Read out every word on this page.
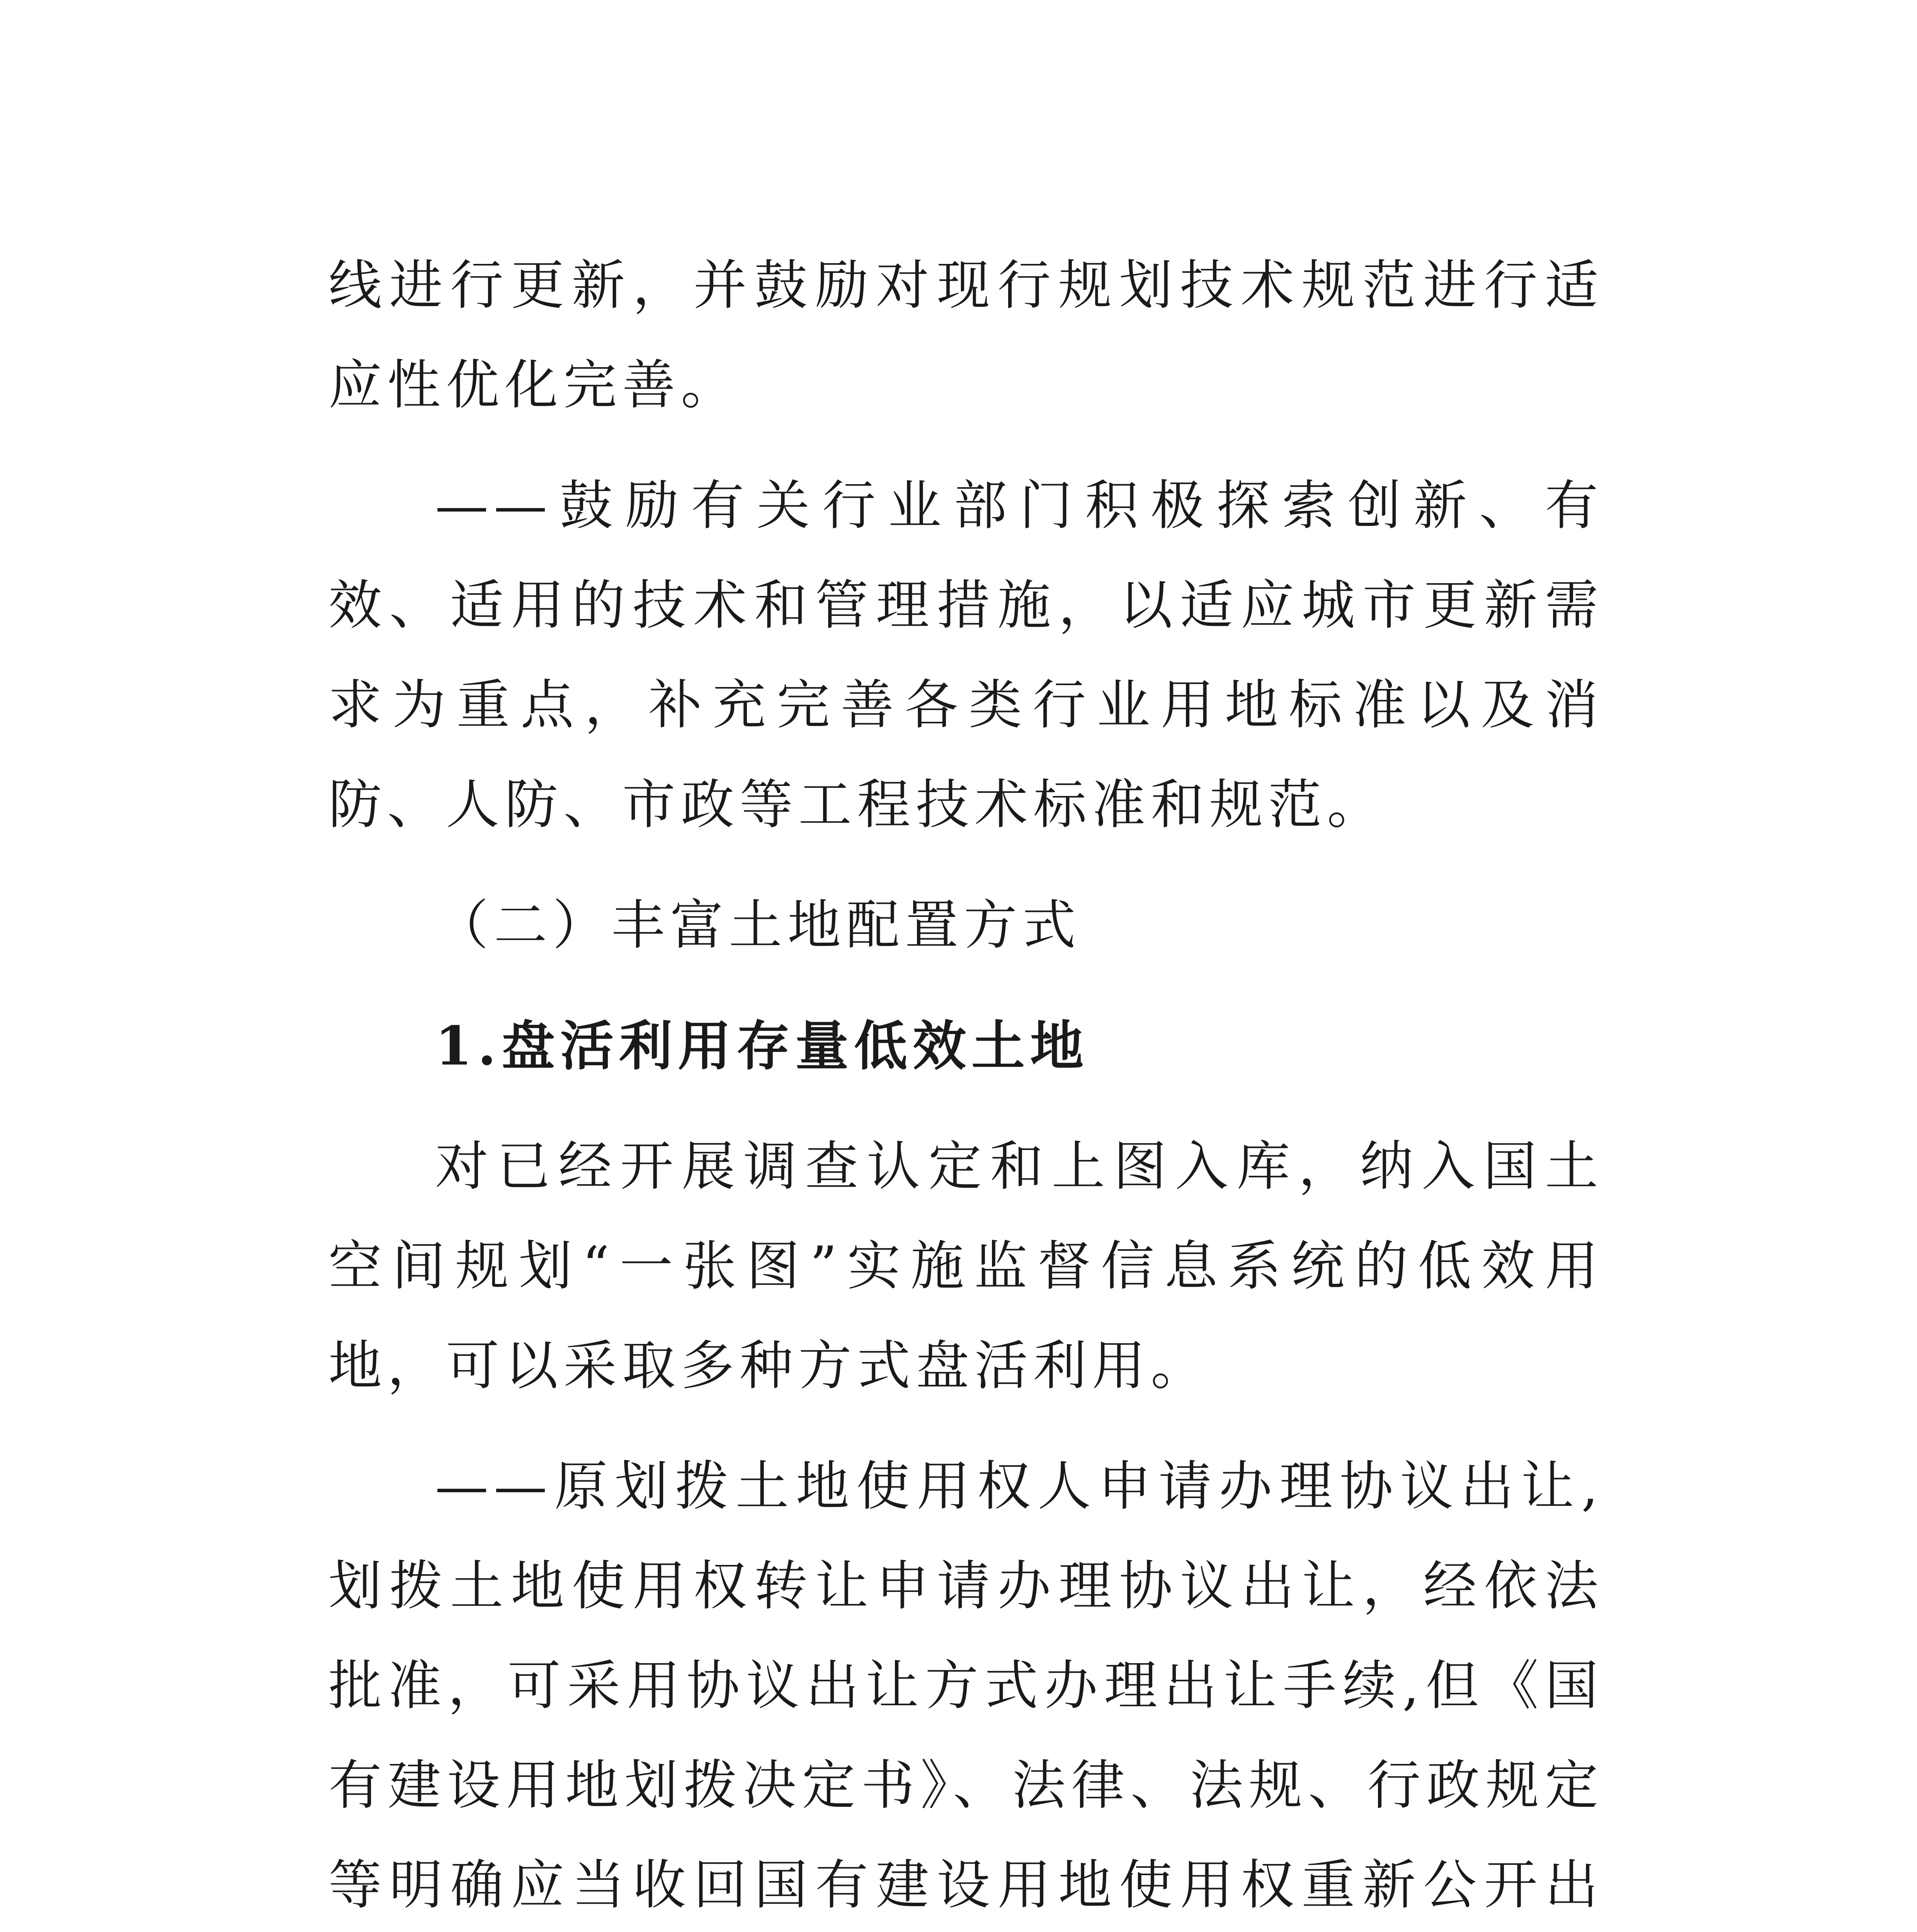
线进行更新，并鼓励对现行规划技术规范进行适应性优化完善。

——鼓励有关行业部门积极探索创新、有效、适用的技术和管理措施，以适应城市更新需求为重点，补充完善各类行业用地标准以及消防、人防、市政等工程技术标准和规范。

（二）丰富土地配置方式

1.盘活利用存量低效土地

对已经开展调查认定和上图入库，纳入国土空间规划“一张图”实施监督信息系统的低效用地，可以采取多种方式盘活利用。

——原划拨土地使用权人申请办理协议出让,划拨土地使用权转让申请办理协议出让，经依法批准，可采用协议出让方式办理出让手续,但《国有建设用地划拨决定书》、法律、法规、行政规定等明确应当收回国有建设用地使用权重新公开出
